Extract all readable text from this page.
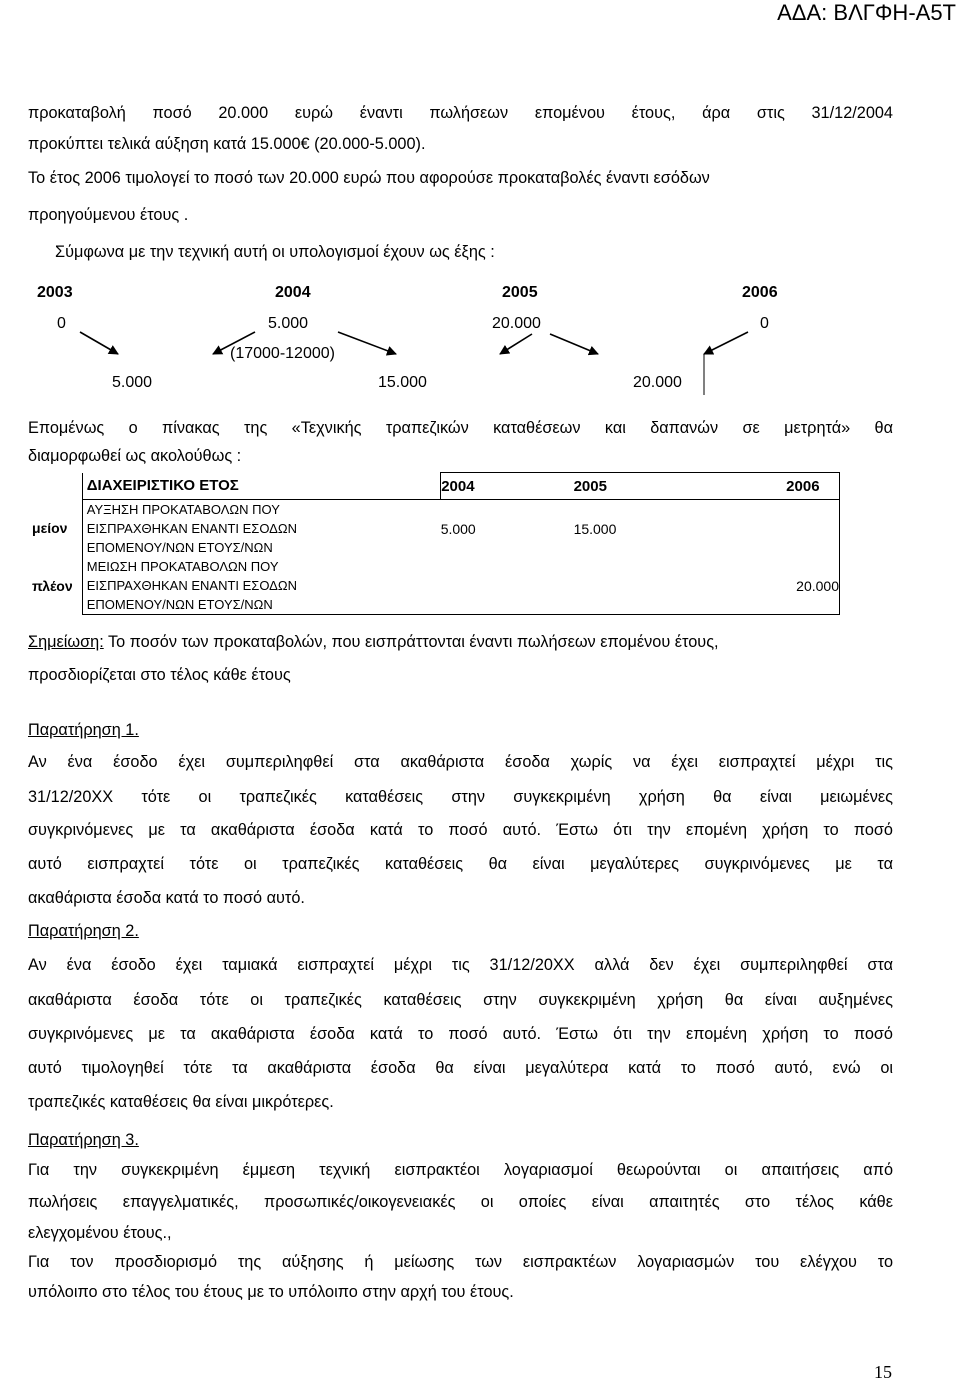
ΑΔΑ: ΒΛΓΦΗ-Α5Τ
προκαταβολή ποσό 20.000 ευρώ έναντι πωλήσεων επομένου έτους, άρα στις 31/12/2004
προκύπτει τελικά αύξηση κατά 15.000€ (20.000-5.000).
Το έτος 2006 τιμολογεί το ποσό των 20.000 ευρώ που αφορούσε προκαταβολές έναντι εσόδων
προηγούμενου έτους .
Σύμφωνα με την τεχνική αυτή οι υπολογισμοί έχουν ως έξης :
2003	2004	2005	2006
0	5.000	20.000	0
(17000-12000)
5.000	15.000	20.000
Επομένως ο πίνακας της «Τεχνικής τραπεζικών καταθέσεων και δαπανών σε μετρητά» θα
διαμορφωθεί ως ακολούθως :
	ΔΙΑΧΕΙΡΙΣΤΙΚΟ ΕΤΟΣ	2004	2005	2006
μείον	ΑΥΞΗΣΗ ΠΡΟΚΑΤΑΒΟΛΩΝ ΠΟΥ
ΕΙΣΠΡΑΧΘΗΚΑΝ ΕΝΑΝΤΙ ΕΣΟΔΩΝ
ΕΠΟΜΕΝΟΥ/ΝΩΝ ΕΤΟΥΣ/ΝΩΝ	5.000	15.000	
πλέον	ΜΕΙΩΣΗ ΠΡΟΚΑΤΑΒΟΛΩΝ ΠΟΥ
ΕΙΣΠΡΑΧΘΗΚΑΝ ΕΝΑΝΤΙ ΕΣΟΔΩΝ
ΕΠΟΜΕΝΟΥ/ΝΩΝ ΕΤΟΥΣ/ΝΩΝ			20.000
Σημείωση: Το ποσόν των προκαταβολών, που εισπράττονται έναντι πωλήσεων επομένου έτους,
προσδιορίζεται στο τέλος κάθε έτους
Παρατήρηση 1.
Αν ένα έσοδο έχει συμπεριληφθεί στα ακαθάριστα έσοδα χωρίς να έχει εισπραχτεί μέχρι τις
31/12/20ΧΧ τότε οι τραπεζικές καταθέσεις στην συγκεκριμένη χρήση θα είναι μειωμένες
συγκρινόμενες με τα ακαθάριστα έσοδα κατά το ποσό αυτό. Έστω ότι την επομένη χρήση το ποσό
αυτό εισπραχτεί τότε οι τραπεζικές καταθέσεις θα είναι μεγαλύτερες συγκρινόμενες με τα
ακαθάριστα έσοδα κατά το ποσό αυτό.
Παρατήρηση 2.
Αν ένα έσοδο έχει ταμιακά εισπραχτεί μέχρι τις 31/12/20ΧΧ αλλά δεν έχει συμπεριληφθεί στα
ακαθάριστα έσοδα τότε οι τραπεζικές καταθέσεις στην συγκεκριμένη χρήση θα είναι αυξημένες
συγκρινόμενες με τα ακαθάριστα έσοδα κατά το ποσό αυτό. Έστω ότι την επομένη χρήση το ποσό
αυτό τιμολογηθεί τότε τα ακαθάριστα έσοδα θα είναι μεγαλύτερα κατά το ποσό αυτό, ενώ οι
τραπεζικές καταθέσεις θα είναι μικρότερες.
Παρατήρηση 3.
Για την συγκεκριμένη έμμεση τεχνική εισπρακτέοι λογαριασμοί θεωρούνται οι απαιτήσεις από
πωλήσεις επαγγελματικές, προσωπικές/οικογενειακές οι οποίες είναι απαιτητές στο τέλος κάθε
ελεγχομένου έτους.,
Για τον προσδιορισμό της αύξησης ή μείωσης των εισπρακτέων λογαριασμών του ελέγχου το
υπόλοιπο στο τέλος του έτους με το υπόλοιπο στην αρχή του έτους.
15
